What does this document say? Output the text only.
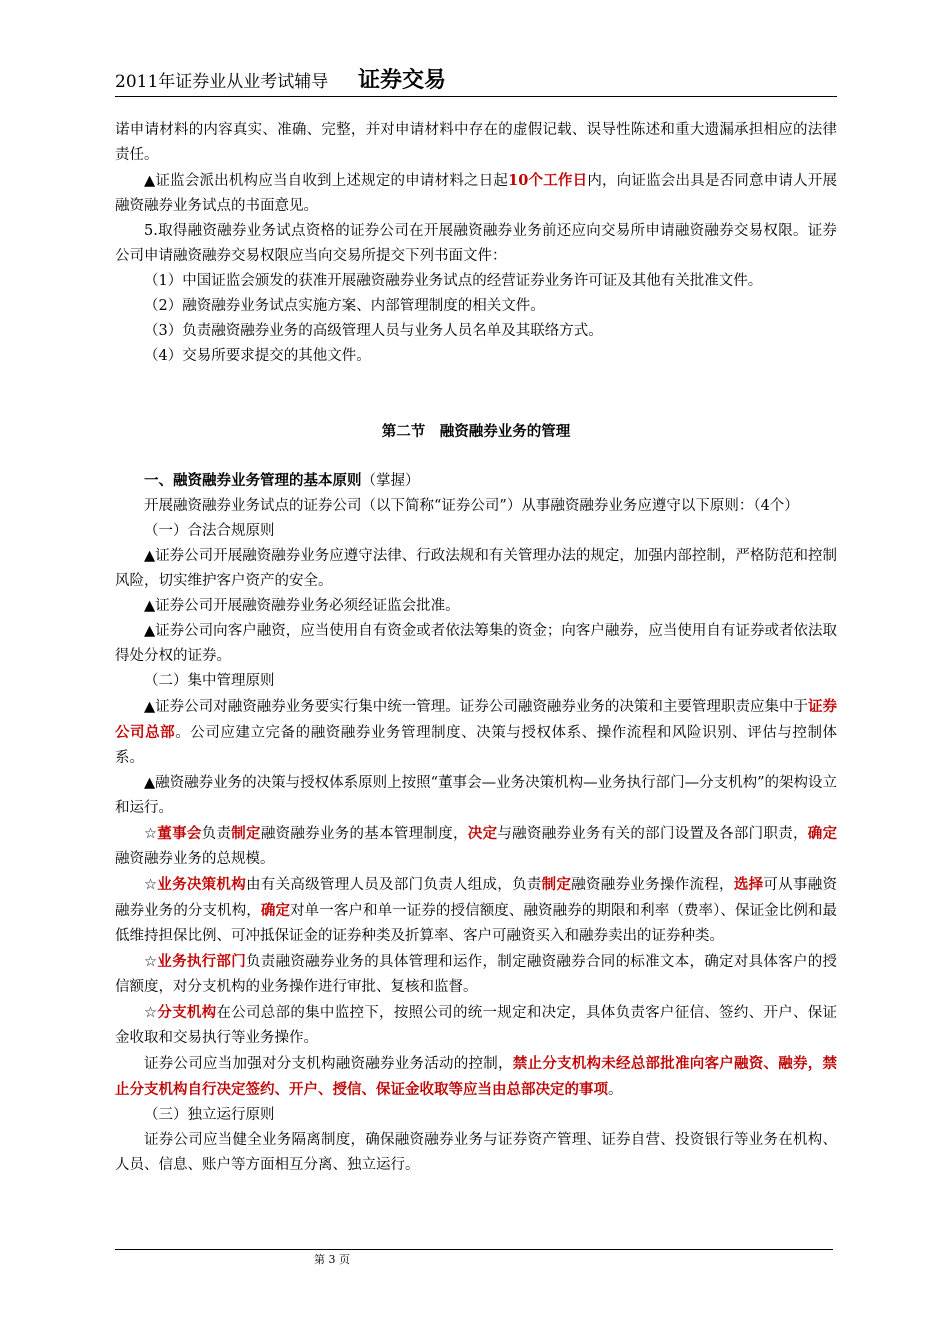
2011年证券业从业考试辅导 证券交易

诺申请材料的内容真实、准确、完整，并对申请材料中存在的虚假记载、误导性陈述和重大遗漏承担相应的法律责任。

▲证监会派出机构应当自收到上述规定的申请材料之日起10个工作日内，向证监会出具是否同意申请人开展融资融券业务试点的书面意见。

5.取得融资融券业务试点资格的证券公司在开展融资融券业务前还应向交易所申请融资融券交易权限。证券公司申请融资融券交易权限应当向交易所提交下列书面文件：

（1）中国证监会颁发的获准开展融资融券业务试点的经营证券业务许可证及其他有关批准文件。

（2）融资融券业务试点实施方案、内部管理制度的相关文件。

（3）负责融资融券业务的高级管理人员与业务人员名单及其联络方式。

（4）交易所要求提交的其他文件。

第二节　融资融券业务的管理

一、融资融券业务管理的基本原则（掌握）

开展融资融券业务试点的证券公司（以下简称“证券公司”）从事融资融券业务应遵守以下原则：（4个）

（一）合法合规原则

▲证券公司开展融资融券业务应遵守法律、行政法规和有关管理办法的规定，加强内部控制，严格防范和控制风险，切实维护客户资产的安全。

▲证券公司开展融资融券业务必须经证监会批准。

▲证券公司向客户融资，应当使用自有资金或者依法筹集的资金；向客户融券，应当使用自有证券或者依法取得处分权的证券。

（二）集中管理原则

▲证券公司对融资融券业务要实行集中统一管理。证券公司融资融券业务的决策和主要管理职责应集中于证券公司总部。公司应建立完备的融资融券业务管理制度、决策与授权体系、操作流程和风险识别、评估与控制体系。

▲融资融券业务的决策与授权体系原则上按照“董事会—业务决策机构—业务执行部门—分支机构”的架构设立和运行。

☆董事会负责制定融资融券业务的基本管理制度，决定与融资融券业务有关的部门设置及各部门职责，确定融资融券业务的总规模。

☆业务决策机构由有关高级管理人员及部门负责人组成，负责制定融资融券业务操作流程，选择可从事融资融券业务的分支机构，确定对单一客户和单一证券的授信额度、融资融券的期限和利率（费率）、保证金比例和最低维持担保比例、可冲抵保证金的证券种类及折算率、客户可融资买入和融券卖出的证券种类。

☆业务执行部门负责融资融券业务的具体管理和运作，制定融资融券合同的标准文本，确定对具体客户的授信额度，对分支机构的业务操作进行审批、复核和监督。

☆分支机构在公司总部的集中监控下，按照公司的统一规定和决定，具体负责客户征信、签约、开户、保证金收取和交易执行等业务操作。

证券公司应当加强对分支机构融资融券业务活动的控制，禁止分支机构未经总部批准向客户融资、融券，禁止分支机构自行决定签约、开户、授信、保证金收取等应当由总部决定的事项。

（三）独立运行原则

证券公司应当健全业务隔离制度，确保融资融券业务与证券资产管理、证券自营、投资银行等业务在机构、人员、信息、账户等方面相互分离、独立运行。

第 3 页
